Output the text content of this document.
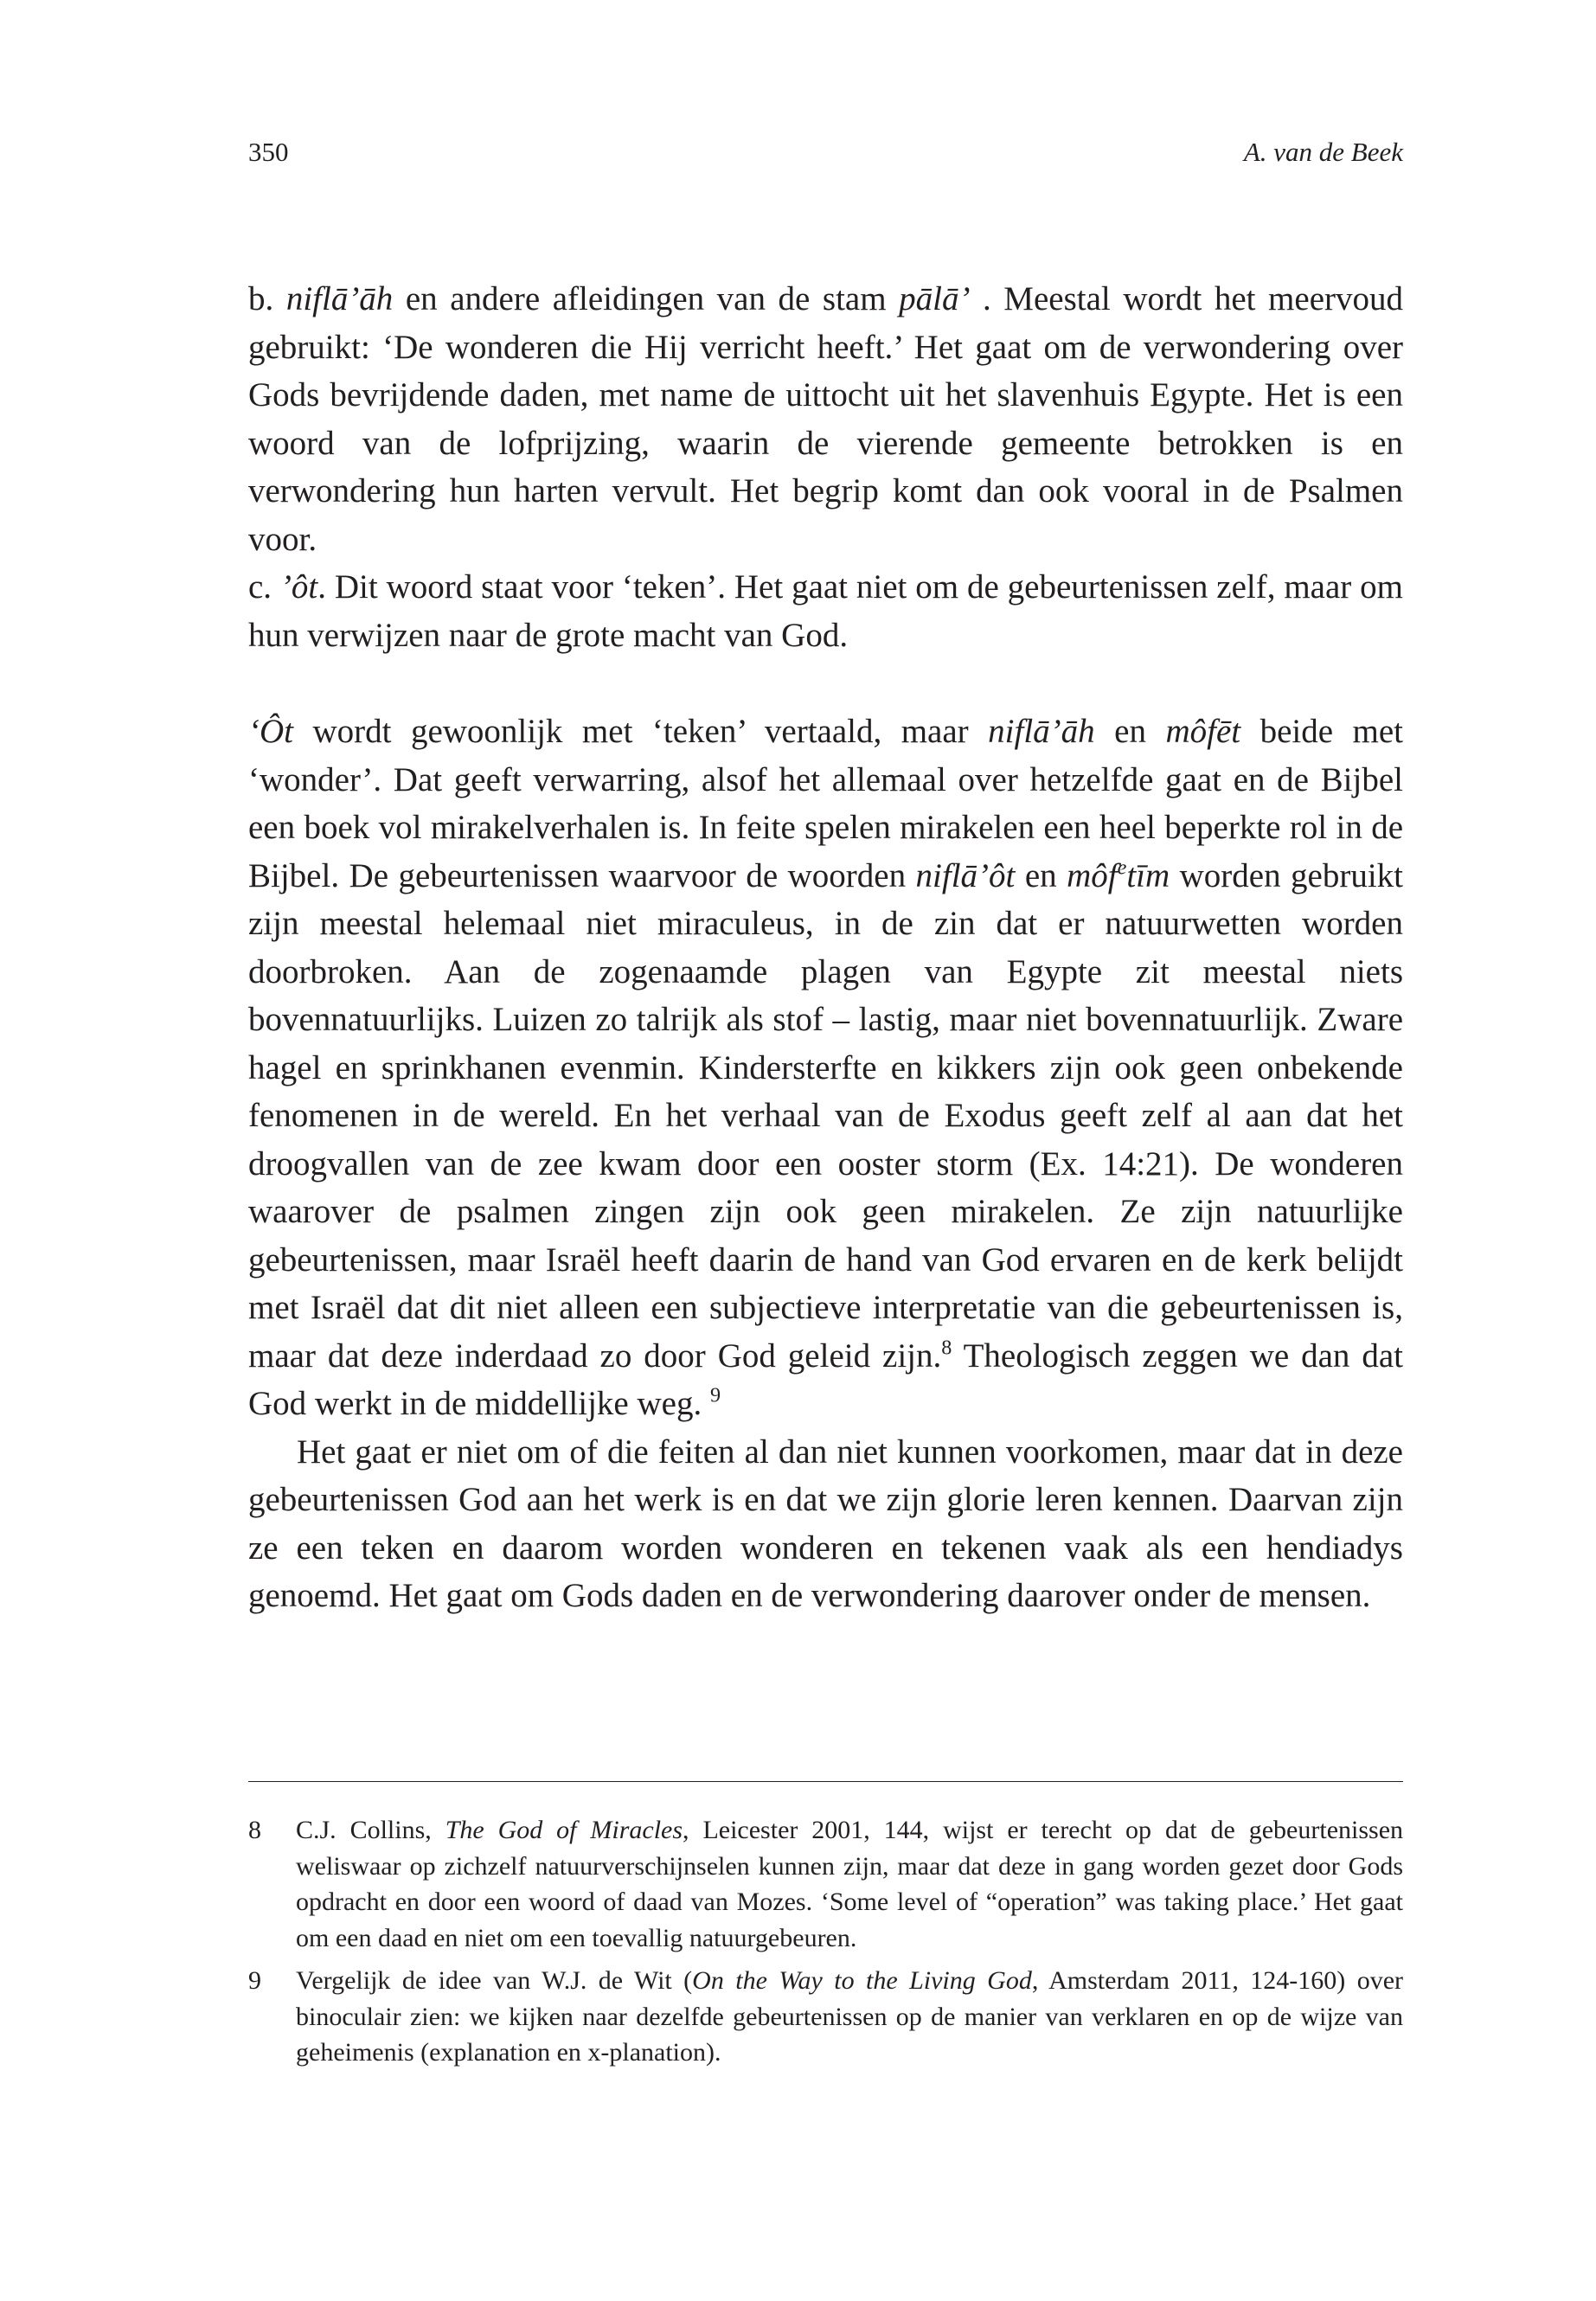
350	A. van de Beek

b. niflā’āh en andere afleidingen van de stam pālā’ . Meestal wordt het meervoud gebruikt: ‘De wonderen die Hij verricht heeft.’ Het gaat om de verwondering over Gods bevrijdende daden, met name de uittocht uit het slavenhuis Egypte. Het is een woord van de lofprijzing, waarin de vierende gemeente betrokken is en verwondering hun harten vervult. Het begrip komt dan ook vooral in de Psalmen voor.

c. ’ôt. Dit woord staat voor ‘teken’. Het gaat niet om de gebeurtenissen zelf, maar om hun verwijzen naar de grote macht van God.

‘Ôt wordt gewoonlijk met ‘teken’ vertaald, maar niflā’āh en môfēt beide met ‘wonder’. Dat geeft verwarring, alsof het allemaal over hetzelfde gaat en de Bijbel een boek vol mirakelverhalen is. In feite spelen mirakelen een heel beperkte rol in de Bijbel. De gebeurtenissen waarvoor de woorden niflā’ôt en môf$^e$tīm worden gebruikt zijn meestal helemaal niet miraculeus, in de zin dat er natuurwetten worden doorbroken. Aan de zogenaamde plagen van Egypte zit meestal niets bovennatuurlijks. Luizen zo talrijk als stof – lastig, maar niet bovennatuurlijk. Zware hagel en sprinkhanen evenmin. Kindersterfte en kikkers zijn ook geen onbekende fenomenen in de wereld. En het verhaal van de Exodus geeft zelf al aan dat het droogvallen van de zee kwam door een ooster storm (Ex. 14:21). De wonderen waarover de psalmen zingen zijn ook geen mirakelen. Ze zijn natuurlijke gebeurtenissen, maar Israël heeft daarin de hand van God ervaren en de kerk belijdt met Israël dat dit niet alleen een subjectieve interpretatie van die gebeurtenissen is, maar dat deze inderdaad zo door God geleid zijn.$^8$ Theologisch zeggen we dan dat God werkt in de middellijke weg. $^9$

Het gaat er niet om of die feiten al dan niet kunnen voorkomen, maar dat in deze gebeurtenissen God aan het werk is en dat we zijn glorie leren kennen. Daarvan zijn ze een teken en daarom worden wonderen en tekenen vaak als een hendiadys genoemd. Het gaat om Gods daden en de verwondering daarover onder de mensen.

8 C.J. Collins, The God of Miracles, Leicester 2001, 144, wijst er terecht op dat de gebeurtenissen weliswaar op zichzelf natuurverschijnselen kunnen zijn, maar dat deze in gang worden gezet door Gods opdracht en door een woord of daad van Mozes. ‘Some level of “operation” was taking place.’ Het gaat om een daad en niet om een toevallig natuurgebeuren.
9 Vergelijk de idee van W.J. de Wit (On the Way to the Living God, Amsterdam 2011, 124-160) over binoculair zien: we kijken naar dezelfde gebeurtenissen op de manier van verklaren en op de wijze van geheimenis (explanation en x-planation).
